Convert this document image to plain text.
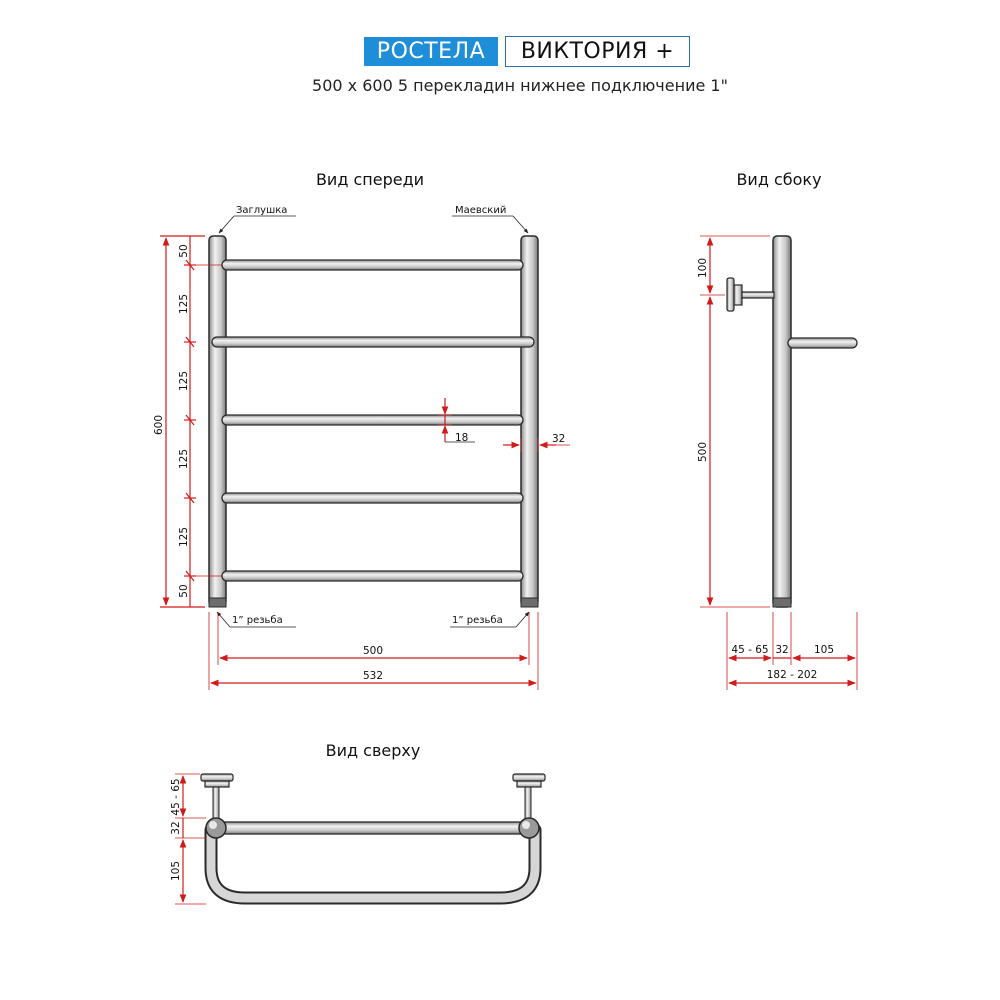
РОСТЕЛА	ВИКТОРИЯ +
500 х 600 5 перекладин нижнее подключение 1"
Вид спереди
Заглушка	Маевский
1” резьба	1” резьба
600
50
125
125
125
125
50
18	32
500
532
Вид сбоку
100
500
45 - 65 32 105
182 - 202
Вид сверху
45 - 65
32
105
